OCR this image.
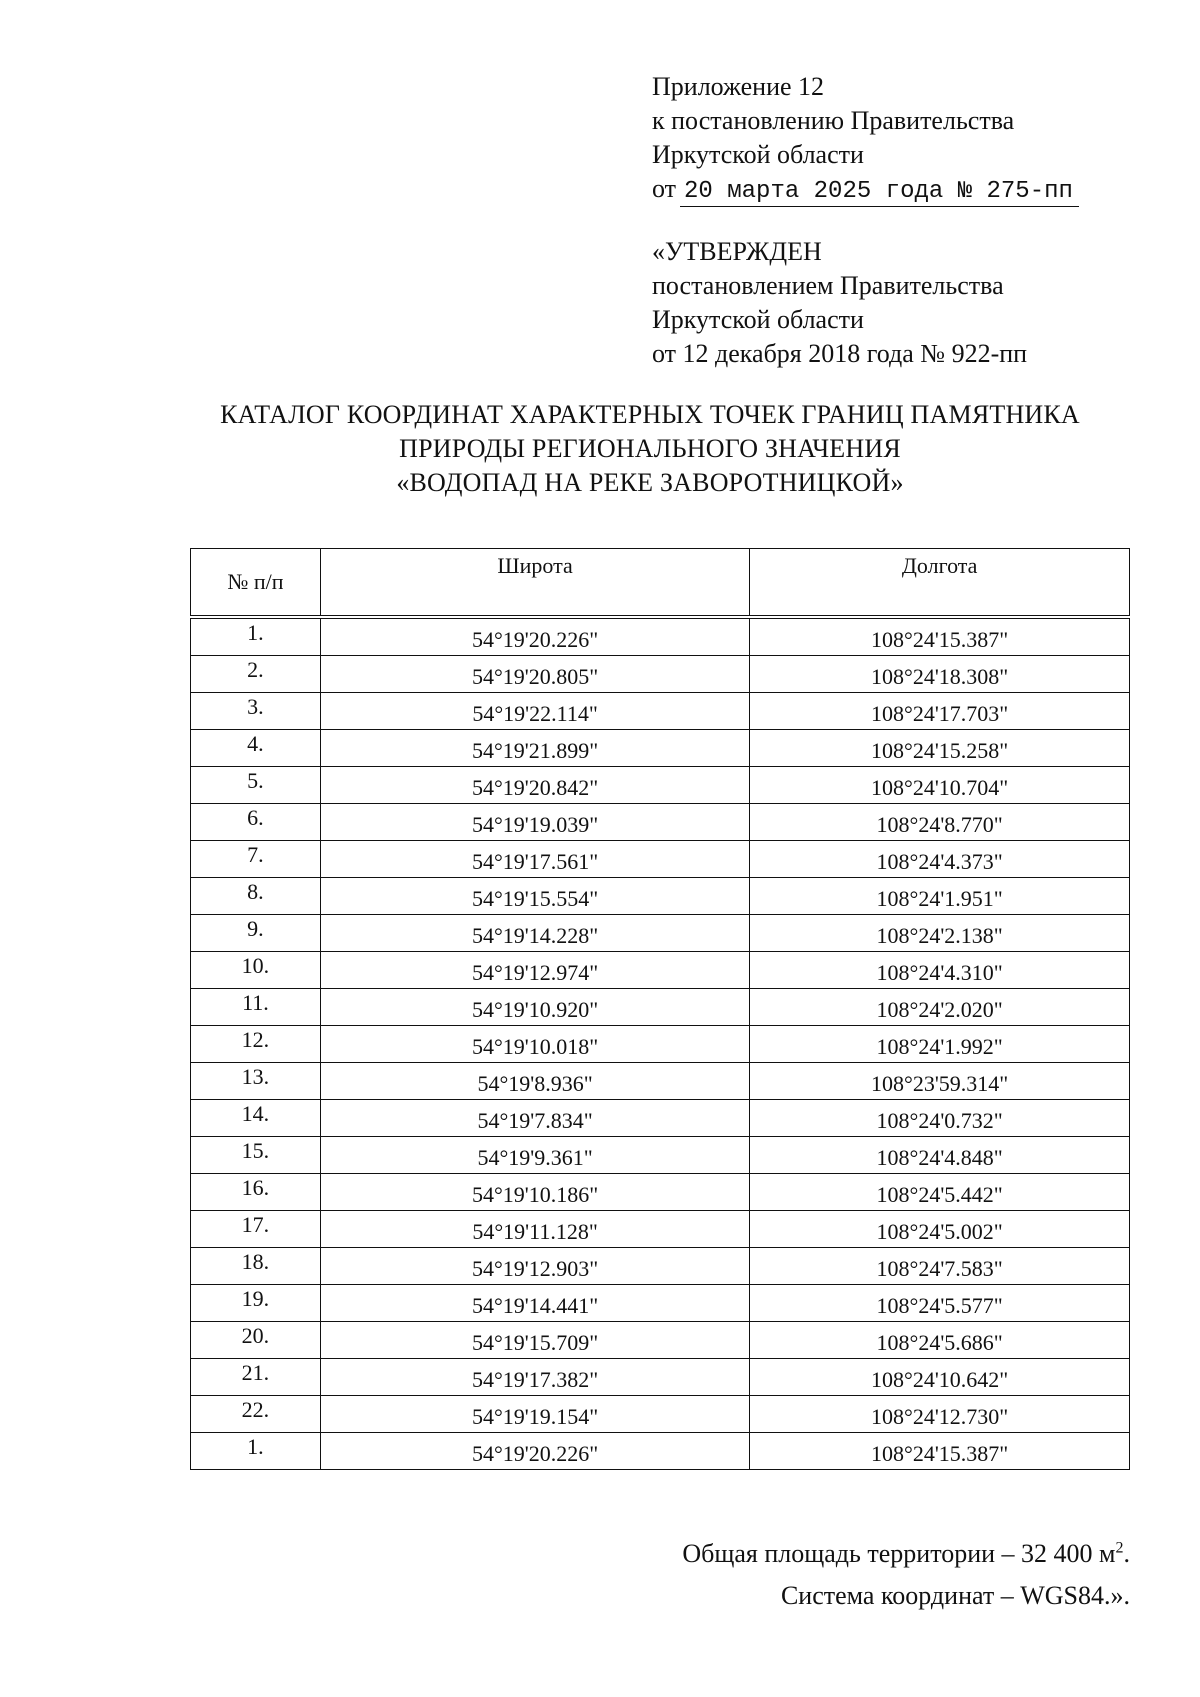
Приложение 12
к постановлению Правительства
Иркутской области
от 20 марта 2025 года № 275-пп
«УТВЕРЖДЕН
постановлением Правительства
Иркутской области
от 12 декабря 2018 года № 922-пп
КАТАЛОГ КООРДИНАТ ХАРАКТЕРНЫХ ТОЧЕК ГРАНИЦ ПАМЯТНИКА
ПРИРОДЫ РЕГИОНАЛЬНОГО ЗНАЧЕНИЯ
«ВОДОПАД НА РЕКЕ ЗАВОРОТНИЦКОЙ»
№ п/п	Широта	Долгота
1.	54°19'20.226"	108°24'15.387"
2.	54°19'20.805"	108°24'18.308"
3.	54°19'22.114"	108°24'17.703"
4.	54°19'21.899"	108°24'15.258"
5.	54°19'20.842"	108°24'10.704"
6.	54°19'19.039"	108°24'8.770"
7.	54°19'17.561"	108°24'4.373"
8.	54°19'15.554"	108°24'1.951"
9.	54°19'14.228"	108°24'2.138"
10.	54°19'12.974"	108°24'4.310"
11.	54°19'10.920"	108°24'2.020"
12.	54°19'10.018"	108°24'1.992"
13.	54°19'8.936"	108°23'59.314"
14.	54°19'7.834"	108°24'0.732"
15.	54°19'9.361"	108°24'4.848"
16.	54°19'10.186"	108°24'5.442"
17.	54°19'11.128"	108°24'5.002"
18.	54°19'12.903"	108°24'7.583"
19.	54°19'14.441"	108°24'5.577"
20.	54°19'15.709"	108°24'5.686"
21.	54°19'17.382"	108°24'10.642"
22.	54°19'19.154"	108°24'12.730"
1.	54°19'20.226"	108°24'15.387"
Общая площадь территории – 32 400 $м^2$.
Система координат – WGS84.».
